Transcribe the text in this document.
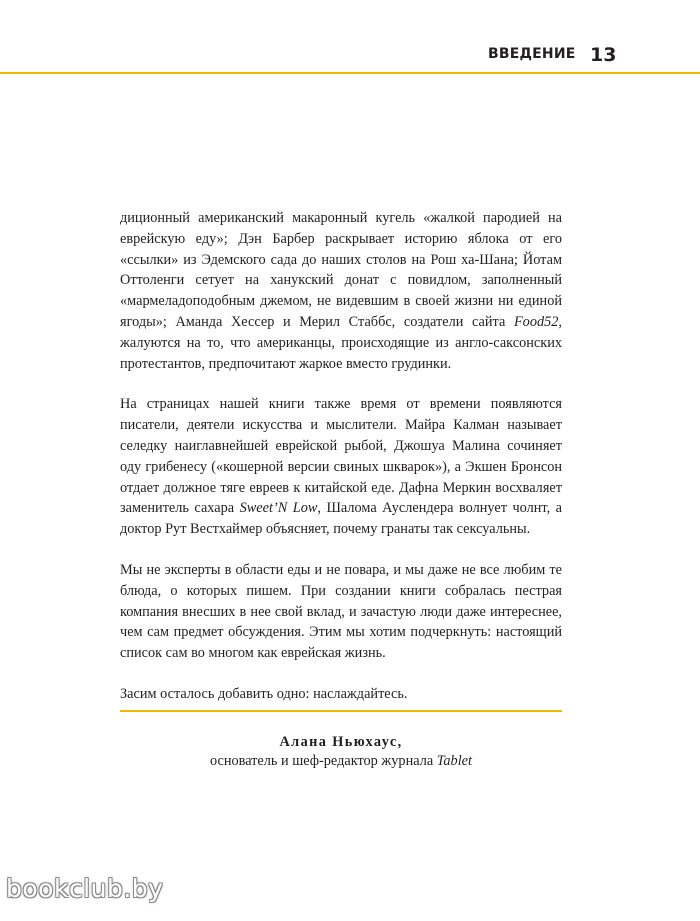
ВВЕДЕНИЕ 13

диционный американский макаронный кугель «жалкой пародией на еврейскую еду»; Дэн Барбер раскрывает историю яблока от его «ссылки» из Эдемского сада до наших столов на Рош ха-Шана; Йотам Оттоленги сетует на ханукский донат с повидлом, заполненный «мармеладоподобным джемом, не видевшим в своей жизни ни единой ягоды»; Аманда Хессер и Мерил Стаббс, создатели сайта Food52, жалуются на то, что американцы, происходящие из англо-саксонских протестантов, предпочитают жаркое вместо грудинки.

На страницах нашей книги также время от времени появляются писатели, деятели искусства и мыслители. Майра Калман называет селедку наиглавнейшей еврейской рыбой, Джошуа Малина сочиняет оду грибенесу («кошерной версии свиных шкварок»), а Экшен Бронсон отдает должное тяге евреев к китайской еде. Дафна Меркин восхваляет заменитель сахара Sweet’N Low, Шалома Ауслендера волнует чолнт, а доктор Рут Вестхаймер объясняет, почему гранаты так сексуальны.

Мы не эксперты в области еды и не повара, и мы даже не все любим те блюда, о которых пишем. При создании книги собралась пестрая компания внесших в нее свой вклад, и зачастую люди даже интереснее, чем сам предмет обсуждения. Этим мы хотим подчеркнуть: настоящий список сам во многом как еврейская жизнь.

Засим осталось добавить одно: наслаждайтесь.

Алана Ньюхаус,
основатель и шеф-редактор журнала Tablet
bookclub.by
